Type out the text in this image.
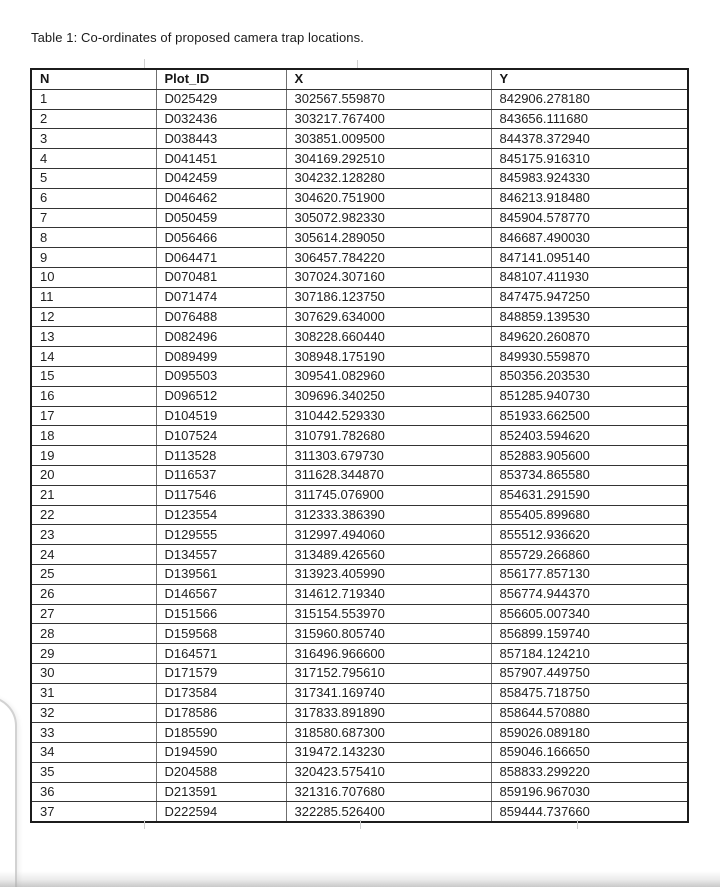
Table 1: Co-ordinates of proposed camera trap locations.

N	Plot_ID	X	Y
1	D025429	302567.559870	842906.278180
2	D032436	303217.767400	843656.111680
3	D038443	303851.009500	844378.372940
4	D041451	304169.292510	845175.916310
5	D042459	304232.128280	845983.924330
6	D046462	304620.751900	846213.918480
7	D050459	305072.982330	845904.578770
8	D056466	305614.289050	846687.490030
9	D064471	306457.784220	847141.095140
10	D070481	307024.307160	848107.411930
11	D071474	307186.123750	847475.947250
12	D076488	307629.634000	848859.139530
13	D082496	308228.660440	849620.260870
14	D089499	308948.175190	849930.559870
15	D095503	309541.082960	850356.203530
16	D096512	309696.340250	851285.940730
17	D104519	310442.529330	851933.662500
18	D107524	310791.782680	852403.594620
19	D113528	311303.679730	852883.905600
20	D116537	311628.344870	853734.865580
21	D117546	311745.076900	854631.291590
22	D123554	312333.386390	855405.899680
23	D129555	312997.494060	855512.936620
24	D134557	313489.426560	855729.266860
25	D139561	313923.405990	856177.857130
26	D146567	314612.719340	856774.944370
27	D151566	315154.553970	856605.007340
28	D159568	315960.805740	856899.159740
29	D164571	316496.966600	857184.124210
30	D171579	317152.795610	857907.449750
31	D173584	317341.169740	858475.718750
32	D178586	317833.891890	858644.570880
33	D185590	318580.687300	859026.089180
34	D194590	319472.143230	859046.166650
35	D204588	320423.575410	858833.299220
36	D213591	321316.707680	859196.967030
37	D222594	322285.526400	859444.737660
